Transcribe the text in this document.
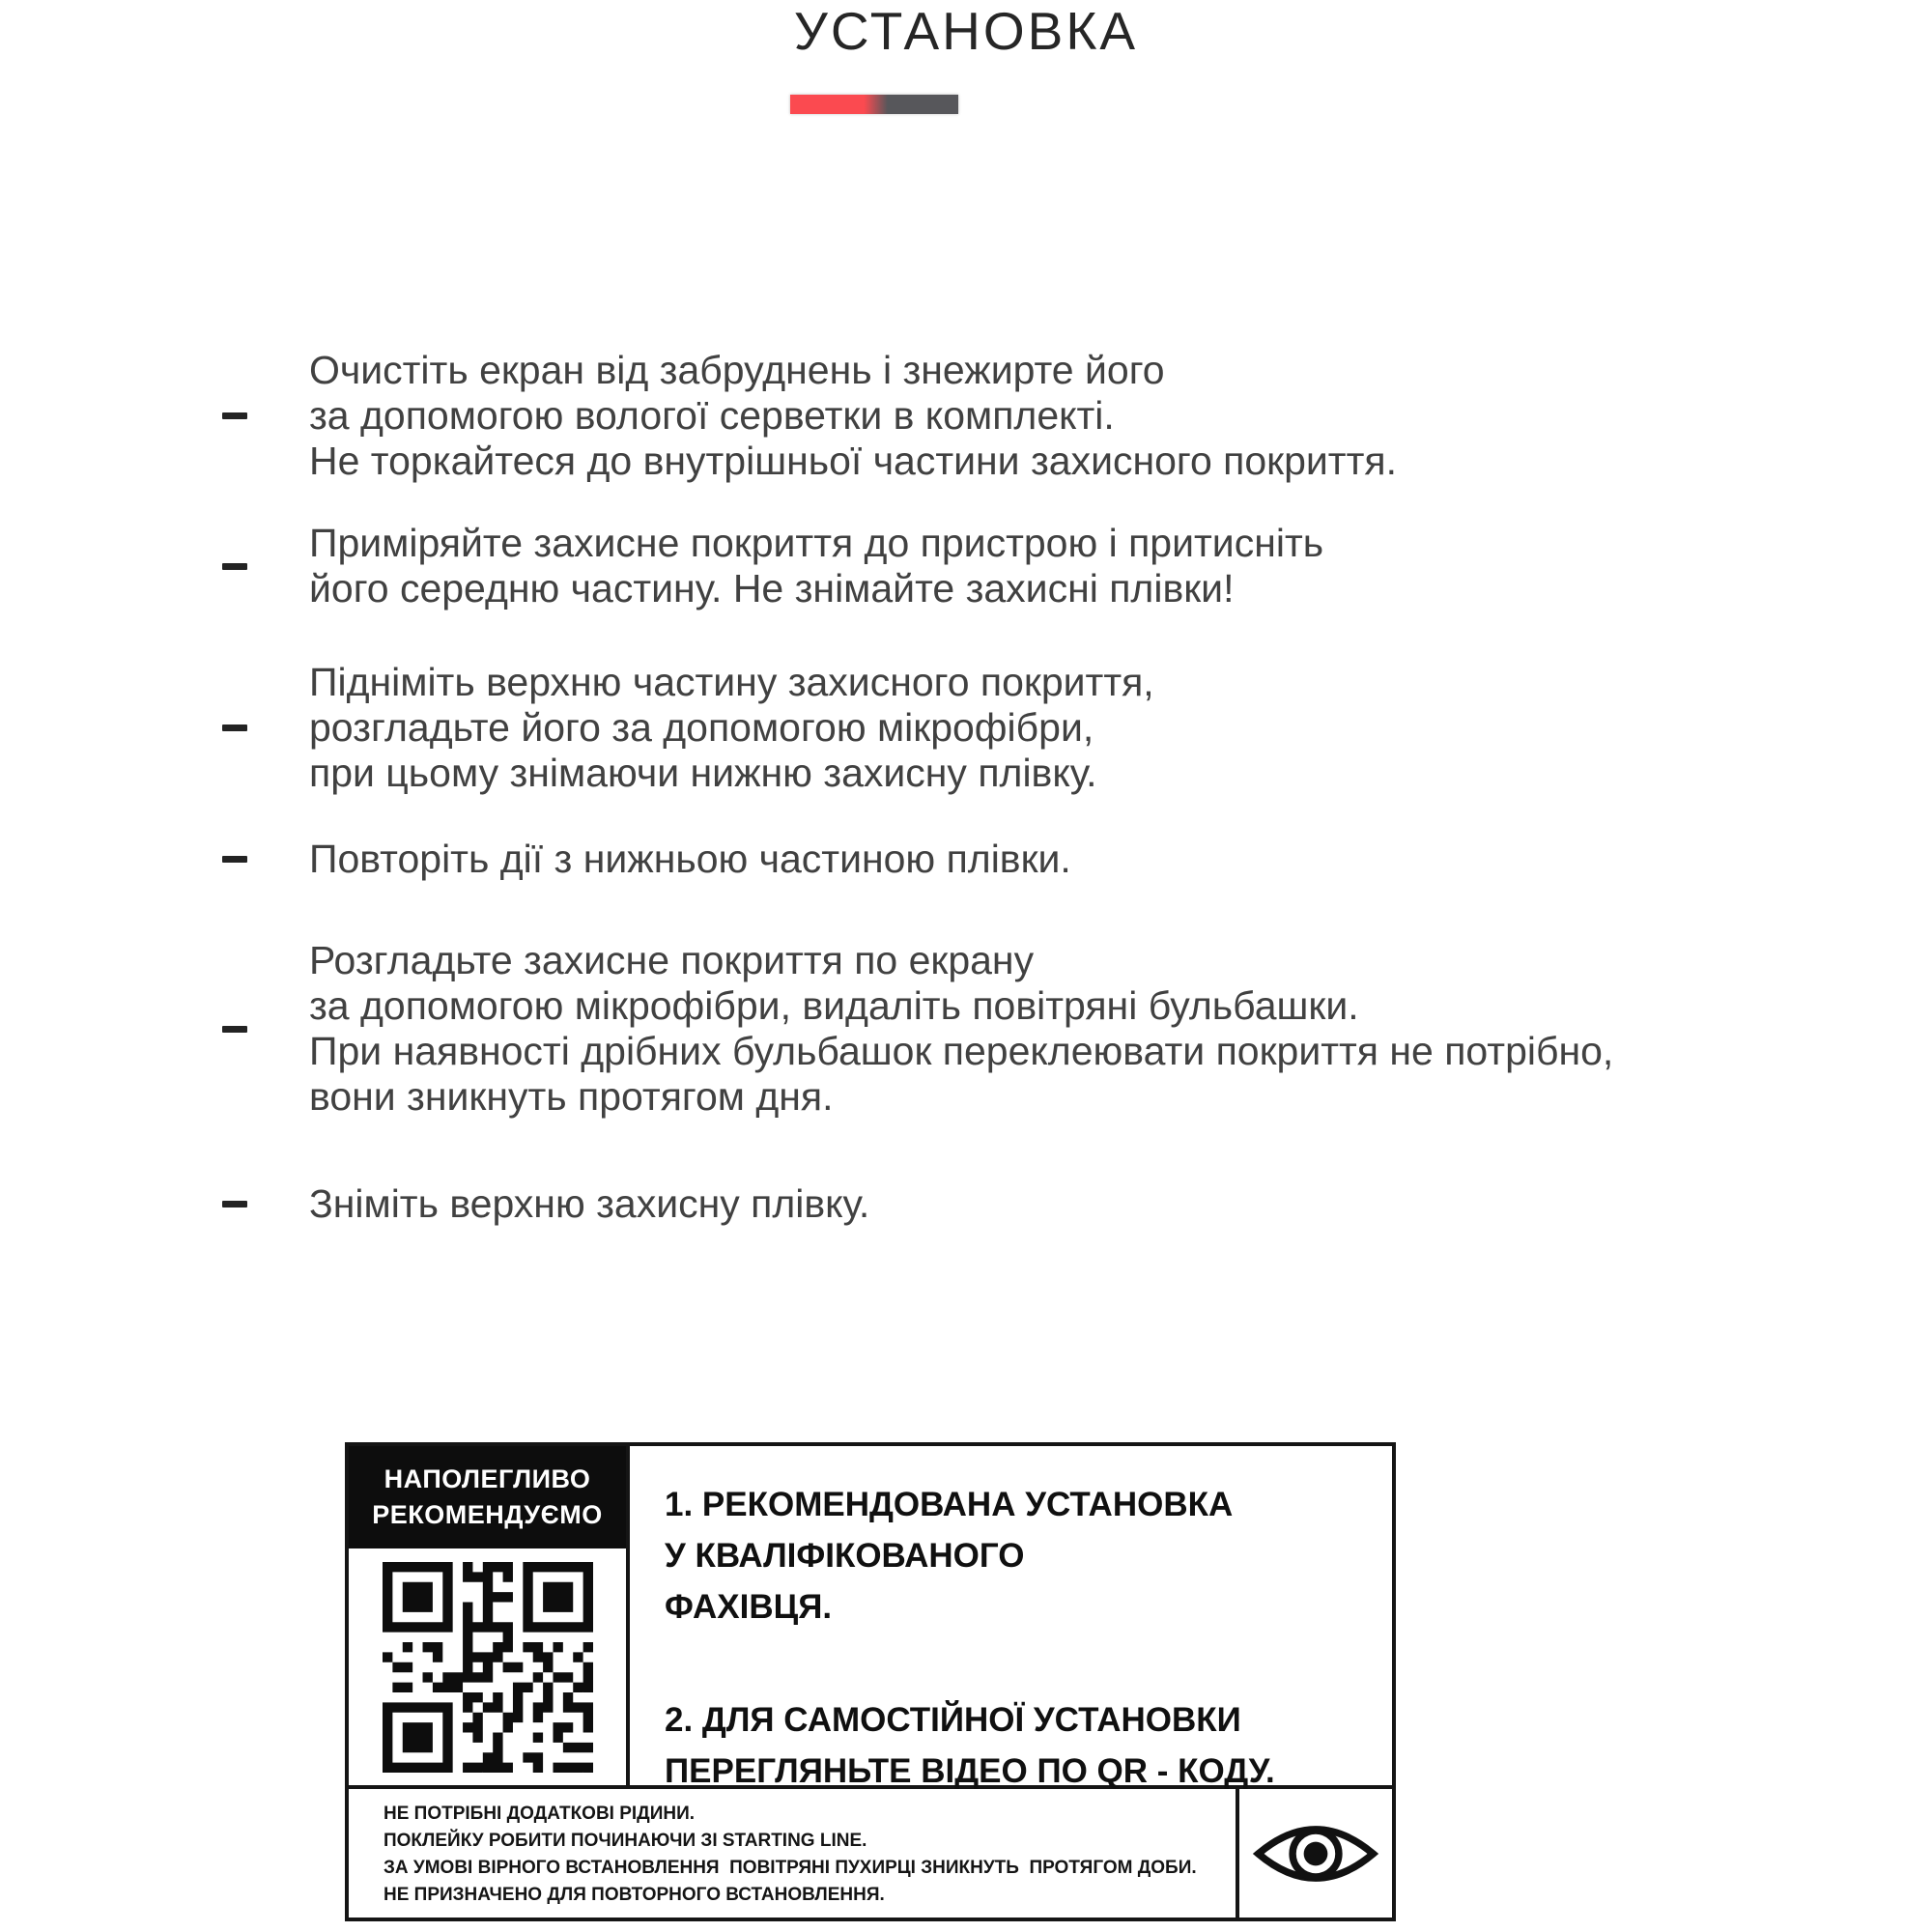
УСТАНОВКА
Очистіть екран від забруднень і знежирте його
за допомогою вологої серветки в комплекті.
Не торкайтеся до внутрішньої частини захисного покриття.
Приміряйте захисне покриття до пристрою і притисніть
його середню частину. Не знімайте захисні плівки!
Підніміть верхню частину захисного покриття,
розгладьте його за допомогою мікрофібри,
при цьому знімаючи нижню захисну плівку.
Повторіть дії з нижньою частиною плівки.
Розгладьте захисне покриття по екрану
за допомогою мікрофібри, видаліть повітряні бульбашки.
При наявності дрібних бульбашок переклеювати покриття не потрібно,
вони зникнуть протягом дня.
Зніміть верхню захисну плівку.
НАПОЛЕГЛИВО
РЕКОМЕНДУЄМО 1. РЕКОМЕНДОВАНА УСТАНОВКА
У КВАЛІФІКОВАНОГО
ФАХІВЦЯ.
2. ДЛЯ САМОСТІЙНОЇ УСТАНОВКИ
ПЕРЕГЛЯНЬТЕ ВІДЕО ПО QR - КОДУ.
НЕ ПОТРІБНІ ДОДАТКОВІ РІДИНИ.
ПОКЛЕЙКУ РОБИТИ ПОЧИНАЮЧИ ЗІ STARTING LINE.
ЗА УМОВІ ВІРНОГО ВСТАНОВЛЕННЯ  ПОВІТРЯНІ ПУХИРЦІ ЗНИКНУТЬ  ПРОТЯГОМ ДОБИ.
НЕ ПРИЗНАЧЕНО ДЛЯ ПОВТОРНОГО ВСТАНОВЛЕННЯ.
